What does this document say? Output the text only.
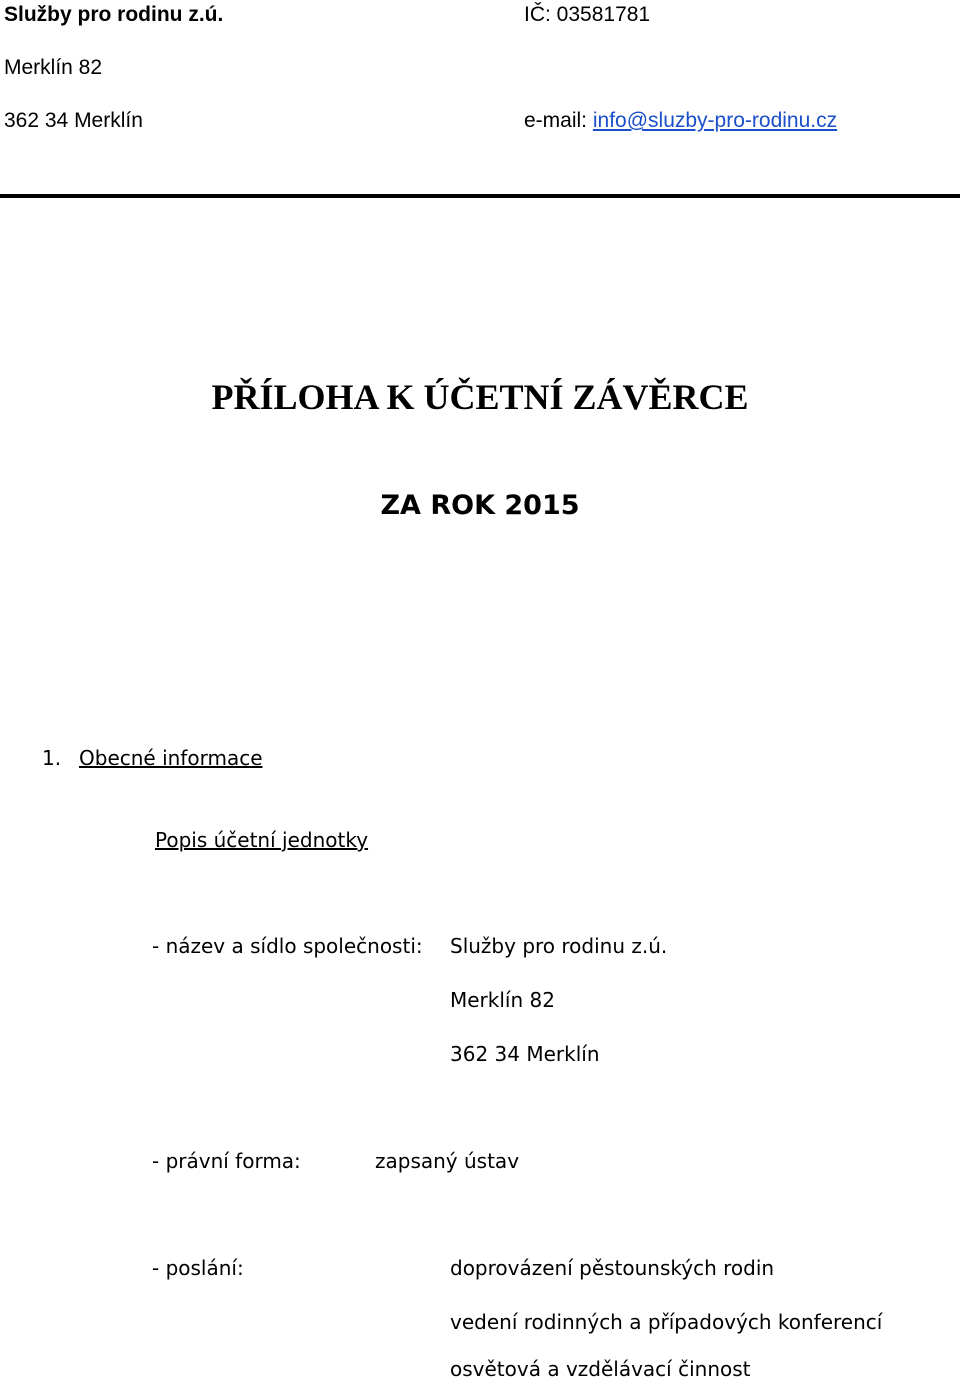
Služby pro rodinu z.ú.	IČ: 03581781
Merklín 82
362 34 Merklín	e-mail: info@sluzby-pro-rodinu.cz
PŘÍLOHA K ÚČETNÍ ZÁVĚRCE
ZA ROK 2015
1. Obecné informace
Popis účetní jednotky
- název a sídlo společnosti: Služby pro rodinu z.ú.
Merklín 82
362 34 Merklín
- právní forma:	zapsaný ústav
- poslání:	doprovázení pěstounských rodin
vedení rodinných a případových konferencí
osvětová a vzdělávací činnost
